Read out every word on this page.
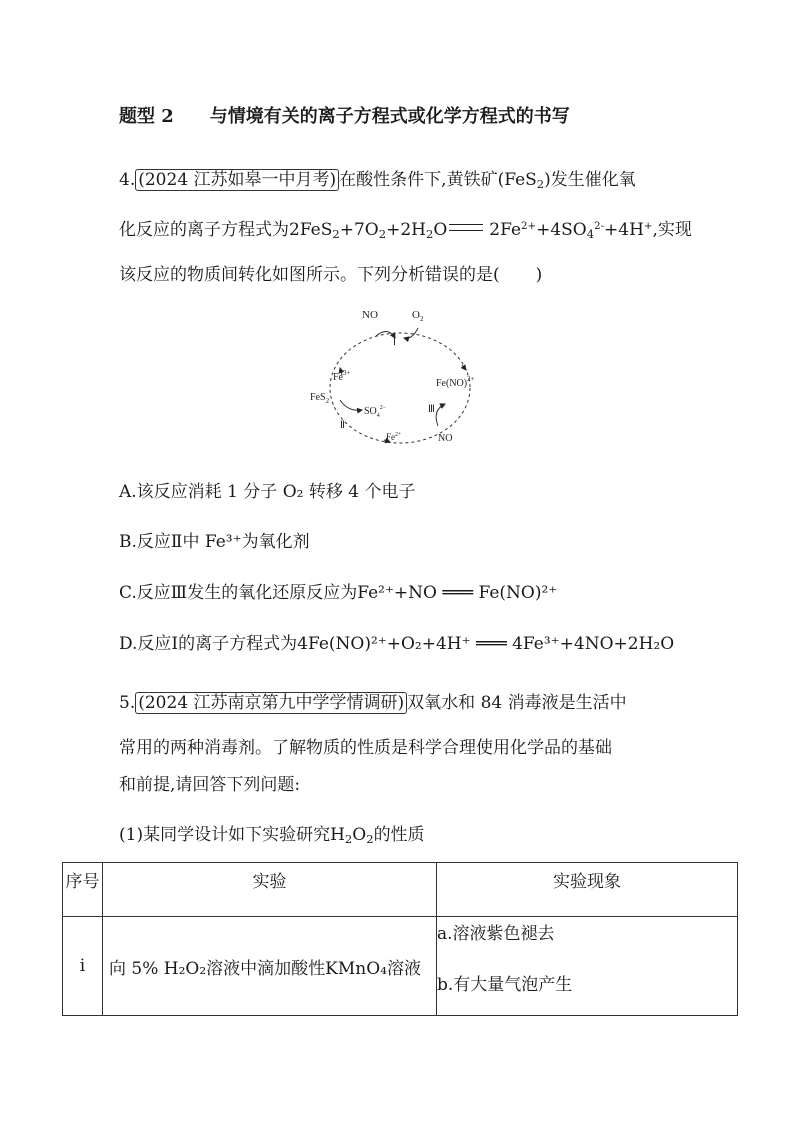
题型 2 与情境有关的离子方程式或化学方程式的书写
4. (2024 江苏如皋一中月考) 在酸性条件下,黄铁矿(FeS$_2$)发生催化氧
化反应的离子方程式为$2FeS_2+7O_2+2H_2O$ $2Fe^{2+}+4SO_4^{2-}+4H^+$,实现
该反应的物质间转化如图所示。下列分析错误的是( )
NO	$O_2$
Ⅰ
$Fe^{3+}$
Fe(NO)$^{2+}$
FeS$_2$
$SO_4^{2-}$	Ⅲ
Ⅱ
$Fe^{2+}$	NO
A.该反应消耗 1 分子 O₂ 转移 4 个电子
B.反应Ⅱ中 Fe³⁺为氧化剂
C.反应Ⅲ发生的氧化还原反应为Fe²⁺+NO ═══ Fe(NO)²⁺
D.反应Ⅰ的离子方程式为4Fe(NO)²⁺+O₂+4H⁺ ═══ 4Fe³⁺+4NO+2H₂O
5. (2024 江苏南京第九中学学情调研) 双氧水和 84 消毒液是生活中
常用的两种消毒剂。了解物质的性质是科学合理使用化学品的基础
和前提,请回答下列问题:
(1)某同学设计如下实验研究$H_2O_2$的性质
序号	实验	实验现象
i	向 5% H₂O₂溶液中滴加酸性KMnO₄溶液	a.溶液紫色褪去
b.有大量气泡产生
